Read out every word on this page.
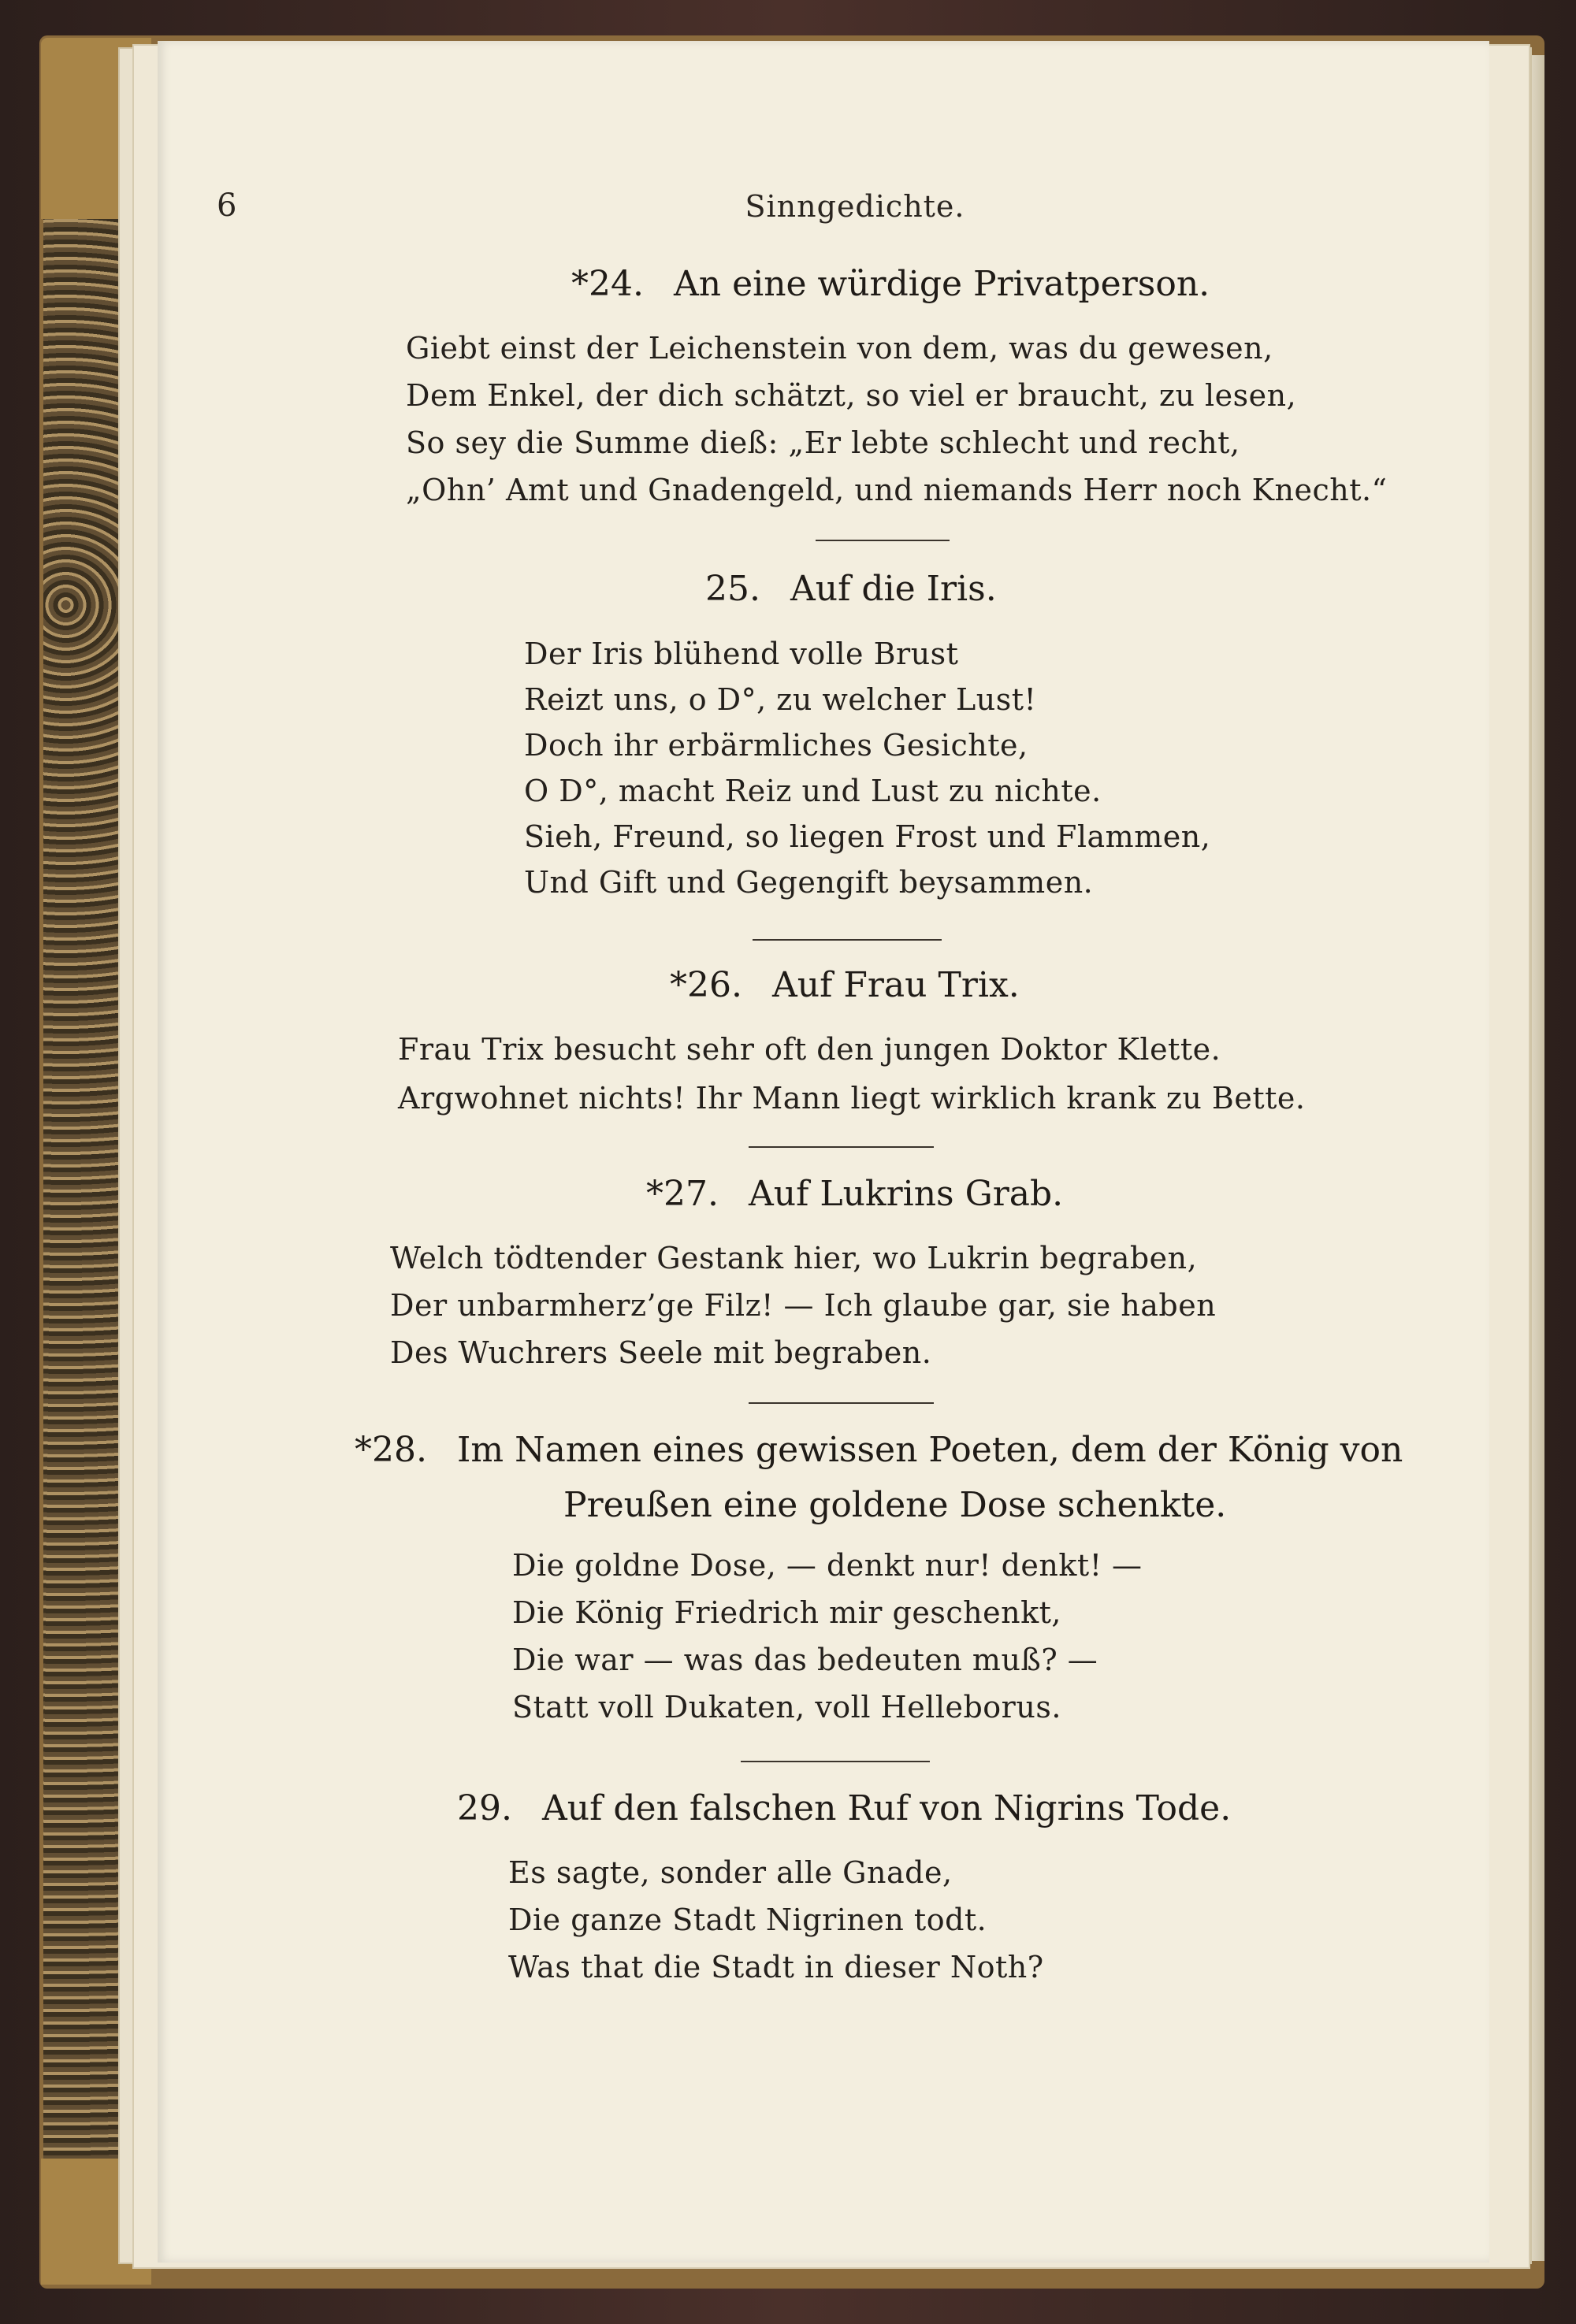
6	Sinngedichte.
*24. An eine würdige Privatperson.
Giebt einst der Leichenstein von dem, was du gewesen,
Dem Enkel, der dich schätzt, so viel er braucht, zu lesen,
So sey die Summe dieß: „Er lebte schlecht und recht,
„Ohn’ Amt und Gnadengeld, und niemands Herr noch Knecht.“
25. Auf die Iris.
Der Iris blühend volle Brust
Reizt uns, o D°, zu welcher Lust!
Doch ihr erbärmliches Gesichte,
O D°, macht Reiz und Lust zu nichte.
Sieh, Freund, so liegen Frost und Flammen,
Und Gift und Gegengift beysammen.
*26. Auf Frau Trix.
Frau Trix besucht sehr oft den jungen Doktor Klette.
Argwohnet nichts! Ihr Mann liegt wirklich krank zu Bette.
*27. Auf Lukrins Grab.
Welch tödtender Gestank hier, wo Lukrin begraben,
Der unbarmherz’ge Filz! — Ich glaube gar, sie haben
Des Wuchrers Seele mit begraben.
*28. Im Namen eines gewissen Poeten, dem der König von
Preußen eine goldene Dose schenkte.
Die goldne Dose, — denkt nur! denkt! —
Die König Friedrich mir geschenkt,
Die war — was das bedeuten muß? —
Statt voll Dukaten, voll Helleborus.
29. Auf den falschen Ruf von Nigrins Tode.
Es sagte, sonder alle Gnade,
Die ganze Stadt Nigrinen todt.
Was that die Stadt in dieser Noth?
